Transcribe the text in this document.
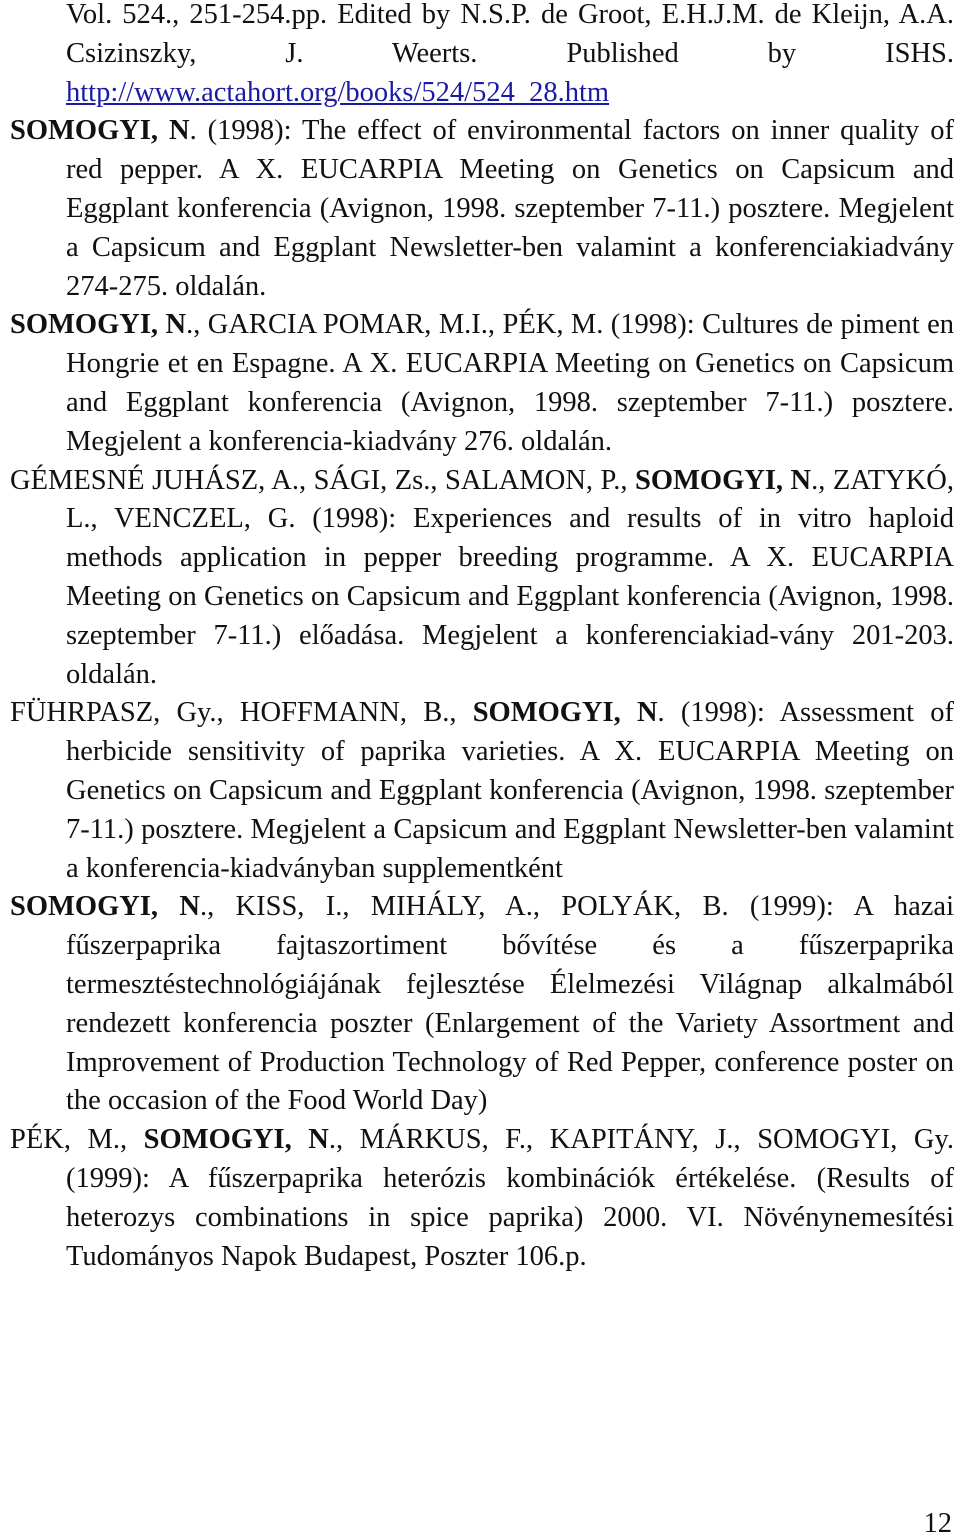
Vol. 524., 251-254.pp. Edited by N.S.P. de Groot, E.H.J.M. de Kleijn, A.A. Csizinszky, J. Weerts. Published by ISHS. http://www.actahort.org/books/524/524_28.htm

SOMOGYI, N. (1998): The effect of environmental factors on inner quality of red pepper. A X. EUCARPIA Meeting on Genetics on Capsicum and Eggplant konferencia (Avignon, 1998. szeptember 7-11.) posztere. Megjelent a Capsicum and Eggplant Newsletter-ben valamint a konferenciakiadvány 274-275. oldalán.

SOMOGYI, N., GARCIA POMAR, M.I., PÉK, M. (1998): Cultures de piment en Hongrie et en Espagne. A X. EUCARPIA Meeting on Genetics on Capsicum and Eggplant konferencia (Avignon, 1998. szeptember 7-11.) posztere. Megjelent a konferencia-kiadvány 276. oldalán.

GÉMESNÉ JUHÁSZ, A., SÁGI, Zs., SALAMON, P., SOMOGYI, N., ZATYKÓ, L., VENCZEL, G. (1998): Experiences and results of in vitro haploid methods application in pepper breeding programme. A X. EUCARPIA Meeting on Genetics on Capsicum and Eggplant konferencia (Avignon, 1998. szeptember 7-11.) előadása. Megjelent a konferenciakiad-vány 201-203. oldalán.

FÜHRPASZ, Gy., HOFFMANN, B., SOMOGYI, N. (1998): Assessment of herbicide sensitivity of paprika varieties. A X. EUCARPIA Meeting on Genetics on Capsicum and Eggplant konferencia (Avignon, 1998. szeptember 7-11.) posztere. Megjelent a Capsicum and Eggplant Newsletter-ben valamint a konferencia-kiadványban supplementként

SOMOGYI, N., KISS, I., MIHÁLY, A., POLYÁK, B. (1999): A hazai fűszerpaprika fajtaszortiment bővítése és a fűszerpaprika termesztéstechnológiájának fejlesztése Élelmezési Világnap alkalmából rendezett konferencia poszter (Enlargement of the Variety Assortment and Improvement of Production Technology of Red Pepper, conference poster on the occasion of the Food World Day)

PÉK, M., SOMOGYI, N., MÁRKUS, F., KAPITÁNY, J., SOMOGYI, Gy. (1999): A fűszerpaprika heterózis kombinációk értékelése. (Results of heterozys combinations in spice paprika) 2000. VI. Növénynemesítési Tudományos Napok Budapest, Poszter 106.p.

12
